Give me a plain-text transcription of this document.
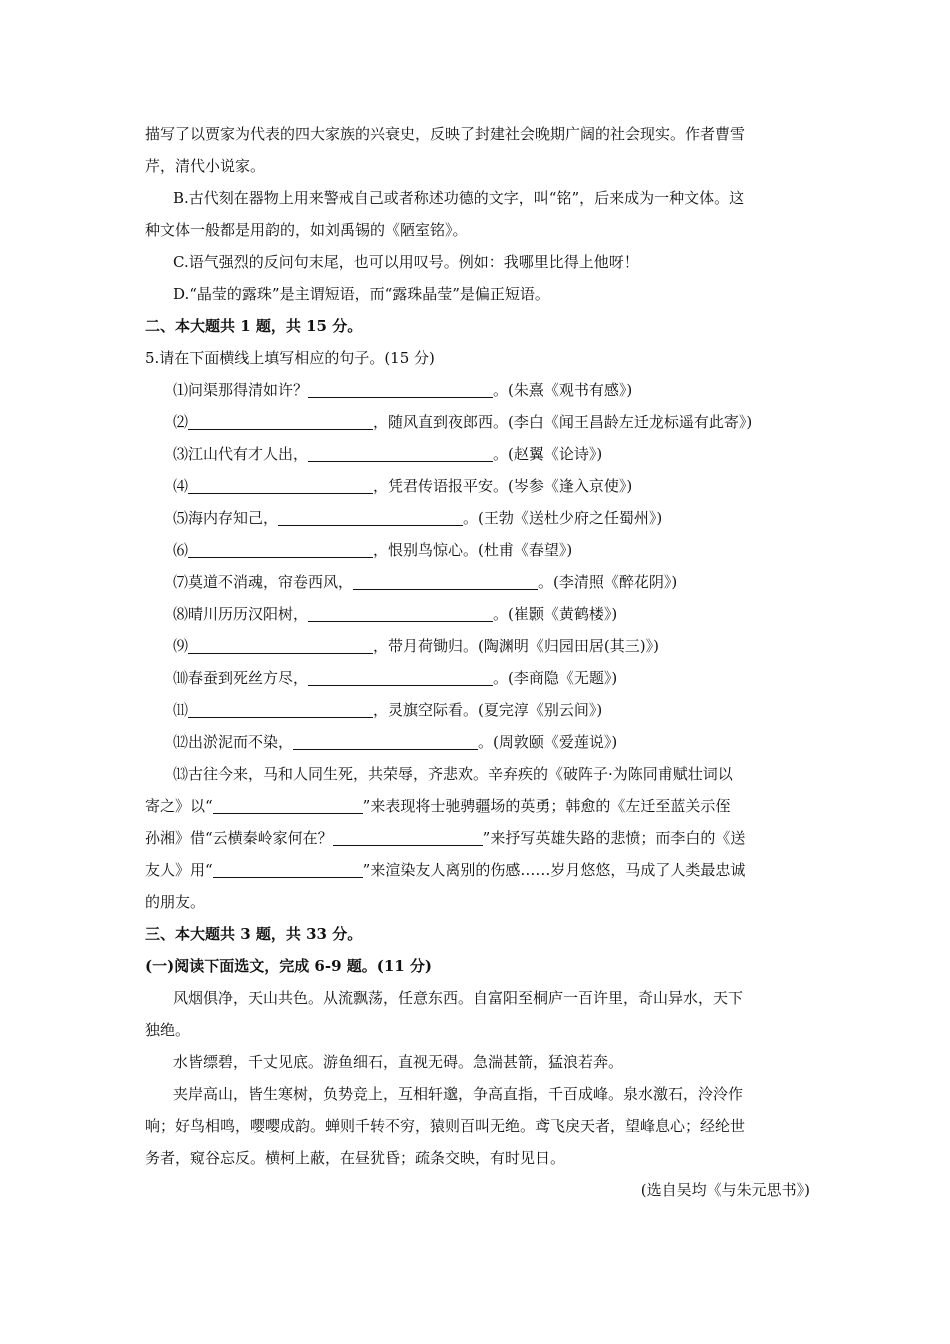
描写了以贾家为代表的四大家族的兴衰史，反映了封建社会晚期广阔的社会现实。作者曹雪
芹，清代小说家。
B.古代刻在器物上用来警戒自己或者称述功德的文字，叫“铭”，后来成为一种文体。这
种文体一般都是用韵的，如刘禹锡的《陋室铭》。
C.语气强烈的反问句末尾，也可以用叹号。例如：我哪里比得上他呀！
D.“晶莹的露珠”是主谓短语，而“露珠晶莹”是偏正短语。
二、本大题共 1 题，共 15 分。
5.请在下面横线上填写相应的句子。(15 分)
⑴问渠那得清如许？	。(朱熹《观书有感》)
⑵	，随风直到夜郎西。(李白《闻王昌龄左迁龙标遥有此寄》)
⑶江山代有才人出，	。(赵翼《论诗》)
⑷	，凭君传语报平安。(岑参《逢入京使》)
⑸海内存知己，	。(王勃《送杜少府之任蜀州》)
⑹	，恨别鸟惊心。(杜甫《春望》)
⑺莫道不消魂，帘卷西风，	。(李清照《醉花阴》)
⑻晴川历历汉阳树，	。(崔颢《黄鹤楼》)
⑼	，带月荷锄归。(陶渊明《归园田居(其三)》)
⑽春蚕到死丝方尽，	。(李商隐《无题》)
⑾	，灵旗空际看。(夏完淳《别云间》)
⑿出淤泥而不染，	。(周敦颐《爱莲说》)
⒀古往今来，马和人同生死，共荣辱，齐悲欢。辛弃疾的《破阵子·为陈同甫赋壮词以
寄之》以“	”来表现将士驰骋疆场的英勇；韩愈的《左迁至蓝关示侄
孙湘》借“云横秦岭家何在？	”来抒写英雄失路的悲愤；而李白的《送
友人》用“	”来渲染友人离别的伤感……岁月悠悠，马成了人类最忠诚
的朋友。
三、本大题共 3 题，共 33 分。
(一)阅读下面选文，完成 6-9 题。(11 分)
风烟俱净，天山共色。从流飘荡，任意东西。自富阳至桐庐一百许里，奇山异水，天下
独绝。
水皆缥碧，千丈见底。游鱼细石，直视无碍。急湍甚箭，猛浪若奔。
夹岸高山，皆生寒树，负势竞上，互相轩邈，争高直指，千百成峰。泉水激石，泠泠作
响；好鸟相鸣，嘤嘤成韵。蝉则千转不穷，猿则百叫无绝。鸢飞戾天者，望峰息心；经纶世
务者，窥谷忘反。横柯上蔽，在昼犹昏；疏条交映，有时见日。
(选自吴均《与朱元思书》)
